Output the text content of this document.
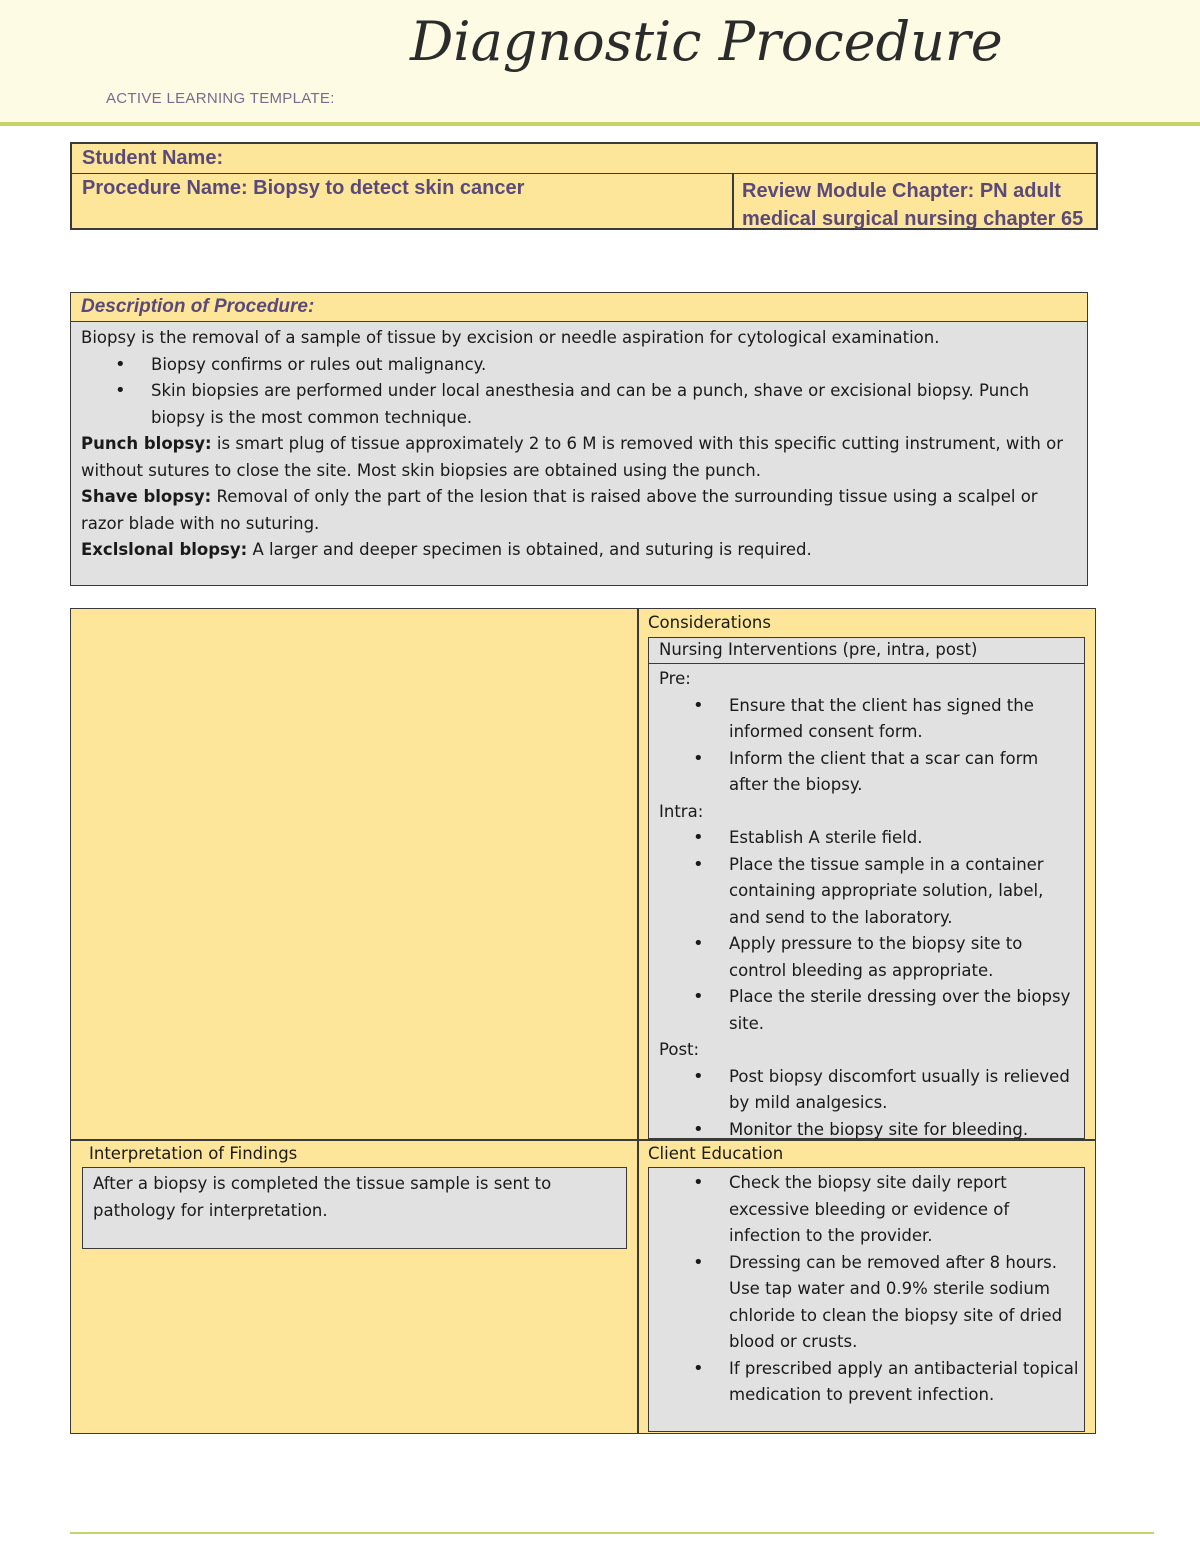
Diagnostic Procedure
ACTIVE LEARNING TEMPLATE:
Student Name:
Procedure Name: Biopsy to detect skin cancer	Review Module Chapter: PN adult medical surgical nursing chapter 65
Description of Procedure:

Biopsy is the removal of a sample of tissue by excision or needle aspiration for cytological examination.

• Biopsy confirms or rules out malignancy.
• Skin biopsies are performed under local anesthesia and can be a punch, shave or excisional biopsy. Punch biopsy is the most common technique.

Punch blopsy: is smart plug of tissue approximately 2 to 6 M is removed with this specific cutting instrument, with or without sutures to close the site. Most skin biopsies are obtained using the punch.

Shave blopsy: Removal of only the part of the lesion that is raised above the surrounding tissue using a scalpel or razor blade with no suturing.

Exclslonal blopsy: A larger and deeper specimen is obtained, and suturing is required.

Considerations
Nursing Interventions (pre, intra, post)

Pre:

• Ensure that the client has signed the informed consent form.
• Inform the client that a scar can form after the biopsy.

Intra:

• Establish A sterile field.
• Place the tissue sample in a container containing appropriate solution, label, and send to the laboratory.
• Apply pressure to the biopsy site to control bleeding as appropriate.
• Place the sterile dressing over the biopsy site.

Post:

• Post biopsy discomfort usually is relieved by mild analgesics.
• Monitor the biopsy site for bleeding.
Interpretation of Findings
After a biopsy is completed the tissue sample is sent to pathology for interpretation.
Client Education
• Check the biopsy site daily report excessive bleeding or evidence of infection to the provider.
• Dressing can be removed after 8 hours. Use tap water and 0.9% sterile sodium chloride to clean the biopsy site of dried blood or crusts.
• If prescribed apply an antibacterial topical medication to prevent infection.
